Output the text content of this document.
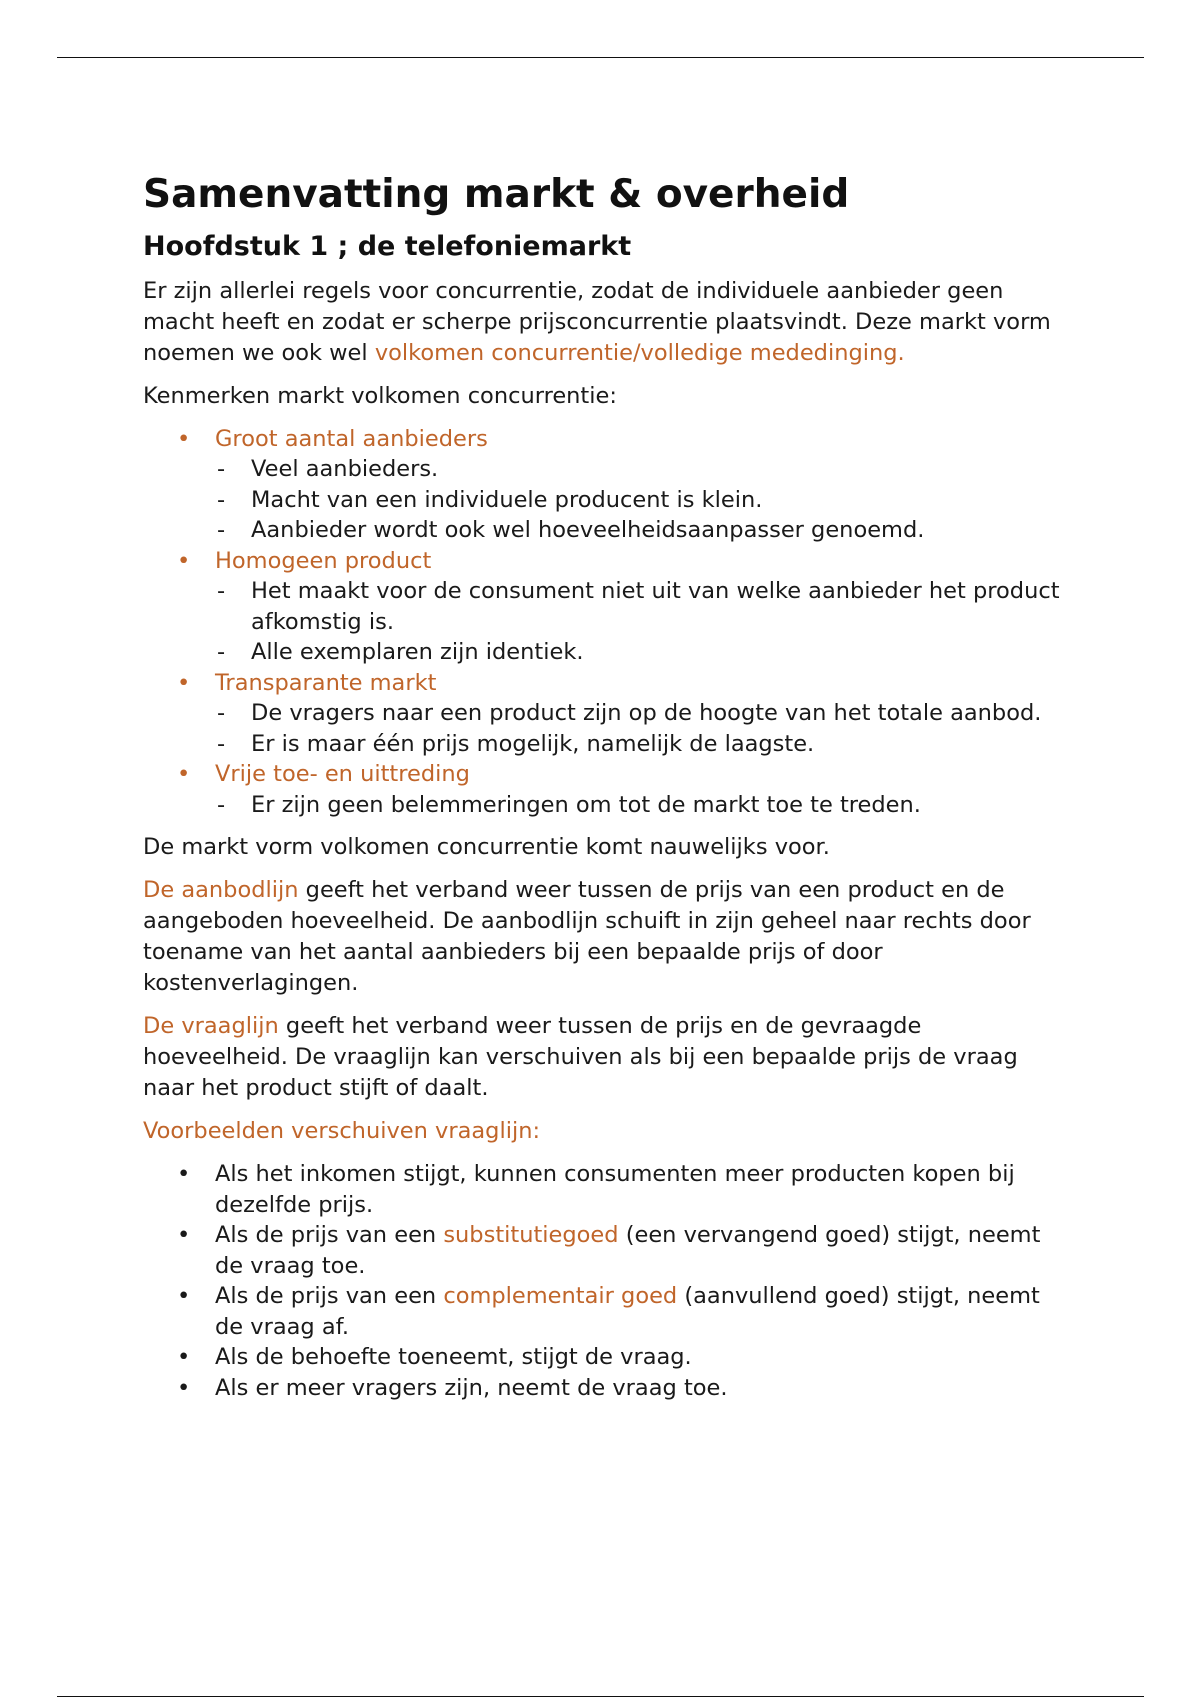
Samenvatting markt & overheid
Hoofdstuk 1 ; de telefoniemarkt

Er zijn allerlei regels voor concurrentie, zodat de individuele aanbieder geen macht heeft en zodat er scherpe prijsconcurrentie plaatsvindt. Deze markt vorm noemen we ook wel volkomen concurrentie/volledige mededinging.

Kenmerken markt volkomen concurrentie:

• Groot aantal aanbieders
- Veel aanbieders.
- Macht van een individuele producent is klein.
- Aanbieder wordt ook wel hoeveelheidsaanpasser genoemd.
• Homogeen product
- Het maakt voor de consument niet uit van welke aanbieder het product afkomstig is.
- Alle exemplaren zijn identiek.
• Transparante markt
- De vragers naar een product zijn op de hoogte van het totale aanbod.
- Er is maar één prijs mogelijk, namelijk de laagste.
• Vrije toe- en uittreding
- Er zijn geen belemmeringen om tot de markt toe te treden.

De markt vorm volkomen concurrentie komt nauwelijks voor.

De aanbodlijn geeft het verband weer tussen de prijs van een product en de aangeboden hoeveelheid. De aanbodlijn schuift in zijn geheel naar rechts door toename van het aantal aanbieders bij een bepaalde prijs of door kostenverlagingen.

De vraaglijn geeft het verband weer tussen de prijs en de gevraagde hoeveelheid. De vraaglijn kan verschuiven als bij een bepaalde prijs de vraag naar het product stijft of daalt.

Voorbeelden verschuiven vraaglijn:

• Als het inkomen stijgt, kunnen consumenten meer producten kopen bij dezelfde prijs.
• Als de prijs van een substitutiegoed (een vervangend goed) stijgt, neemt de vraag toe.
• Als de prijs van een complementair goed (aanvullend goed) stijgt, neemt de vraag af.
• Als de behoefte toeneemt, stijgt de vraag.
• Als er meer vragers zijn, neemt de vraag toe.
